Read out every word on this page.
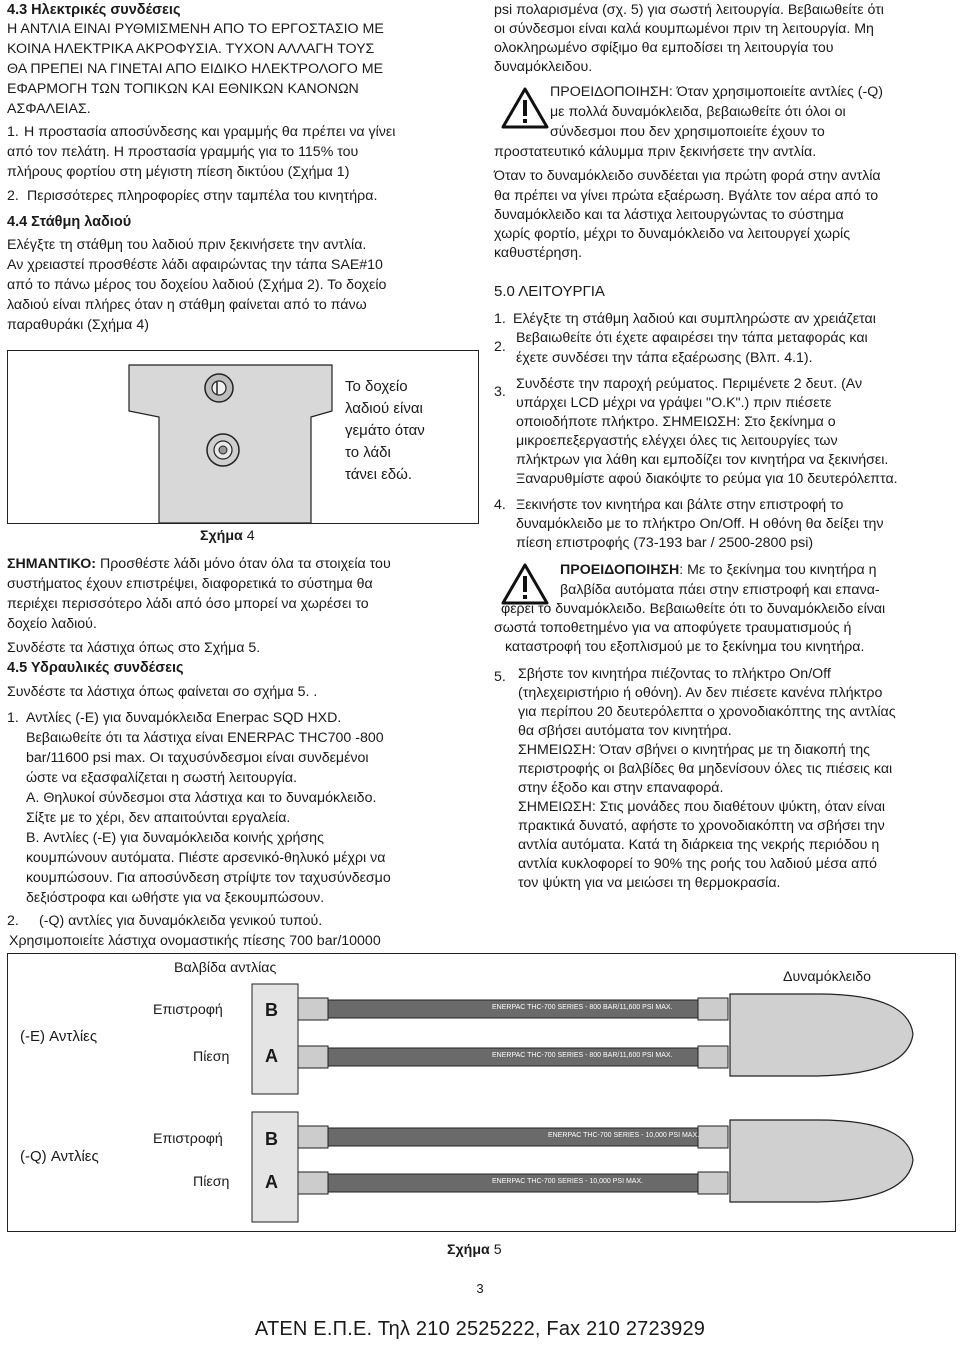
4.3 Ηλεκτρικές συνδέσεις
Η ΑΝΤΛΙΑ ΕΙΝΑΙ ΡΥΘΜΙΣΜΕΝΗ ΑΠΟ ΤΟ ΕΡΓΟΣΤΑΣΙΟ ΜΕ
ΚΟΙΝΑ ΗΛΕΚΤΡΙΚΑ ΑΚΡΟΦΥΣΙΑ. ΤΥΧΟΝ ΑΛΛΑΓΗ ΤΟΥΣ
ΘΑ ΠΡΕΠΕΙ ΝΑ ΓΙΝΕΤΑΙ ΑΠΟ ΕΙΔΙΚΟ ΗΛΕΚΤΡΟΛΟΓΟ ΜΕ
ΕΦΑΡΜΟΓΗ ΤΩΝ ΤΟΠΙΚΩΝ ΚΑΙ ΕΘΝΙΚΩΝ ΚΑΝΟΝΩΝ
ΑΣΦΑΛΕΙΑΣ.
1. Η προστασία αποσύνδεσης και γραμμής θα πρέπει να γίνει
από τον πελάτη. Η προστασία γραμμής για το 115% του
πλήρους φορτίου στη μέγιστη πίεση δικτύου (Σχήμα 1)
2. Περισσότερες πληροφορίες στην ταμπέλα του κινητήρα.
4.4 Στάθμη λαδιού
Ελέγξτε τη στάθμη του λαδιού πριν ξεκινήσετε την αντλία.
Αν χρειαστεί προσθέστε λάδι αφαιρώντας την τάπα SAE#10
από το πάνω μέρος του δοχείου λαδιού (Σχήμα 2). Το δοχείο
λαδιού είναι πλήρες όταν η στάθμη φαίνεται από το πάνω
παραθυράκι (Σχήμα 4)
Το δοχείο
λαδιού είναι
γεμάτο όταν
το λάδι
τάνει εδώ.
Σχήμα 4
ΣΗΜΑΝΤΙΚΟ: Προσθέστε λάδι μόνο όταν όλα τα στοιχεία του
συστήματος έχουν επιστρέψει, διαφορετικά το σύστημα θα
περιέχει περισσότερο λάδι από όσο μπορεί να χωρέσει το
δοχείο λαδιού.
Συνδέστε τα λάστιχα όπως στο Σχήμα 5.
4.5 Υδραυλικές συνδέσεις
Συνδέστε τα λάστιχα όπως φαίνεται σο σχήμα 5. .
1. Αντλίες (-E) για δυναμόκλειδα Enerpac SQD HXD.
Βεβαιωθείτε ότι τα λάστιχα είναι ENERPAC THC700 -800
bar/11600 psi max. Οι ταχυσύνδεσμοι είναι συνδεμένοι
ώστε να εξασφαλίζεται η σωστή λειτουργία.
A. Θηλυκοί σύνδεσμοι στα λάστιχα και το δυναμόκλειδο.
Σίξτε με το χέρι, δεν απαιτούνται εργαλεία.
B. Αντλίες (-E) για δυναμόκλειδα κοινής χρήσης
κουμπώνουν αυτόματα. Πιέστε αρσενικό-θηλυκό μέχρι να
κουμπώσουν. Για αποσύνδεση στρίψτε τον ταχυσύνδεσμο
δεξιόστροφα και ωθήστε για να ξεκουμπώσουν.
2. (-Q) αντλίες για δυναμόκλειδα γενικού τυπού.
Χρησιμοποιείτε λάστιχα ονομαστικής πίεσης 700 bar/10000
psi πολαρισμένα (σχ. 5) για σωστή λειτουργία. Βεβαιωθείτε ότι
οι σύνδεσμοι είναι καλά κουμπωμένοι πριν τη λειτουργία. Μη
ολοκληρωμένο σφίξιμο θα εμποδίσει τη λειτουργία του
δυναμόκλειδου.
ΠΡΟΕΙΔΟΠΟΙΗΣΗ: Όταν χρησιμοποιείτε αντλίες (-Q)
με πολλά δυναμόκλειδα, βεβαιωθείτε ότι όλοι οι
σύνδεσμοι που δεν χρησιμοποιείτε έχουν το
προστατευτικό κάλυμμα πριν ξεκινήσετε την αντλία.
Όταν το δυναμόκλειδο συνδέεται για πρώτη φορά στην αντλία
θα πρέπει να γίνει πρώτα εξαέρωση. Βγάλτε τον αέρα από το
δυναμόκλειδο και τα λάστιχα λειτουργώντας το σύστημα
χωρίς φορτίο, μέχρι το δυναμόκλειδο να λειτουργεί χωρίς
καθυστέρηση.
5.0 ΛΕΙΤΟΥΡΓΙΑ
1. Ελέγξτε τη στάθμη λαδιού και συμπληρώστε αν χρειάζεται
2.
Βεβαιωθείτε ότι έχετε αφαιρέσει την τάπα μεταφοράς και
έχετε συνδέσει την τάπα εξαέρωσης (Βλπ. 4.1).
3. Συνδέστε την παροχή ρεύματος. Περιμένετε 2 δευτ. (Αν
υπάρχει LCD μέχρι να γράψει "O.K".) πριν πιέσετε
οποιοδήποτε πλήκτρο. ΣΗΜΕΙΩΣΗ: Στο ξεκίνημα ο
μικροεπεξεργαστής ελέγχει όλες τις λειτουργίες των
πλήκτρων για λάθη και εμποδίζει τον κινητήρα να ξεκινήσει.
Ξαναρυθμίστε αφού διακόψτε το ρεύμα για 10 δευτερόλεπτα.
4. Ξεκινήστε τον κινητήρα και βάλτε στην επιστροφή το
δυναμόκλειδο με το πλήκτρο On/Off. Η οθόνη θα δείξει την
πίεση επιστροφής (73-193 bar / 2500-2800 psi)
ΠΡΟΕΙΔΟΠΟΙΗΣΗ: Με το ξεκίνημα του κινητήρα η
βαλβίδα αυτόματα πάει στην επιστροφή και επανα-
φέρει το δυναμόκλειδο. Βεβαιωθείτε ότι το δυναμόκλειδο είναι
σωστά τοποθετημένο για να αποφύγετε τραυματισμούς ή
καταστροφή του εξοπλισμού με το ξεκίνημα του κινητήρα.
5. Σβήστε τον κινητήρα πιέζοντας το πλήκτρο On/Off
(τηλεχειριστήριο ή οθόνη). Αν δεν πιέσετε κανένα πλήκτρο
για περίπου 20 δευτερόλεπτα ο χρονοδιακόπτης της αντλίας
θα σβήσει αυτόματα τον κινητήρα.
ΣΗΜΕΙΩΣΗ: Όταν σβήνει ο κινητήρας με τη διακοπή της
περιστροφής οι βαλβίδες θα μηδενίσουν όλες τις πιέσεις και
στην έξοδο και στην επαναφορά.
ΣΗΜΕΙΩΣΗ: Στις μονάδες που διαθέτουν ψύκτη, όταν είναι
πρακτικά δυνατό, αφήστε το χρονοδιακόπτη να σβήσει την
αντλία αυτόματα. Κατά τη διάρκεια της νεκρής περιόδου η
αντλία κυκλοφορεί το 90% της ροής του λαδιού μέσα από
τον ψύκτη για να μειώσει τη θερμοκρασία.
Βαλβίδα αντλίας
Δυναμόκλειδο
(-E) Αντλίες
(-Q) Αντλίες
Επιστροφή
Πίεση
Επιστροφή
Πίεση
B
A
B
A
ENERPAC THC-700 SERIES - 800 BAR/11,600 PSI MAX.
ENERPAC THC-700 SERIES - 800 BAR/11,600 PSI MAX.
ENERPAC THC-700 SERIES - 10,000 PSI MAX.
ENERPAC THC-700 SERIES - 10,000 PSI MAX.
Σχήμα 5
3
ATEN Ε.Π.Ε. Τηλ 210 2525222, Fax 210 2723929
